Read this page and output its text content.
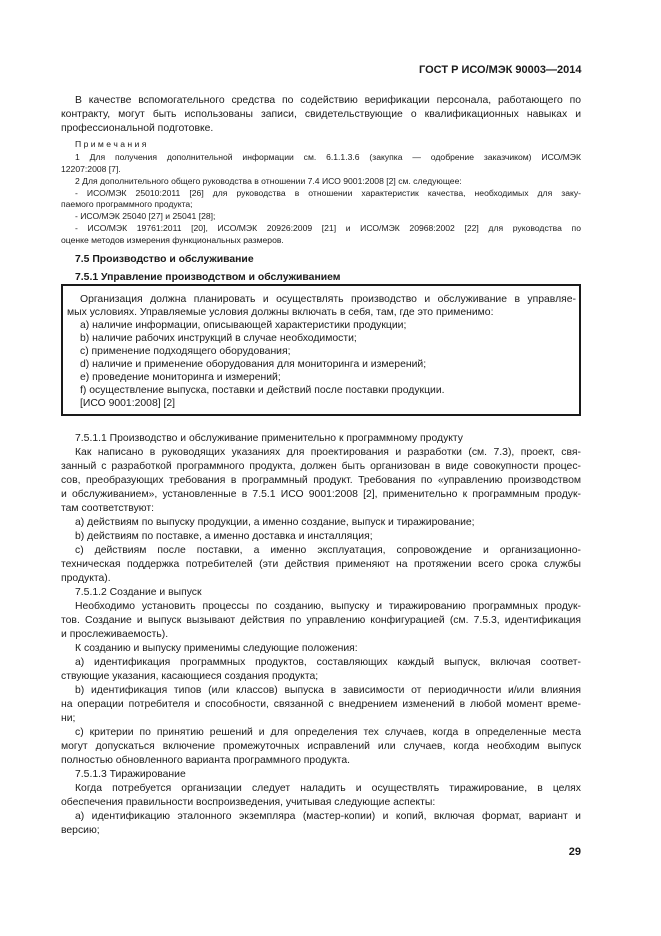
ГОСТ Р ИСО/МЭК 90003—2014
В качестве вспомогательного средства по содействию верификации персонала, работающего по
контракту, могут быть использованы записи, свидетельствующие о квалификационных навыках и
профессиональной подготовке.
П р и м е ч а н и я
1 Для получения дополнительной информации см. 6.1.1.3.6 (закупка — одобрение заказчиком) ИСО/МЭК
12207:2008 [7].
2 Для дополнительного общего руководства в отношении 7.4 ИСО 9001:2008 [2] см. следующее:
- ИСО/МЭК 25010:2011 [26] для руководства в отношении характеристик качества, необходимых для заку-
паемого программного продукта;
- ИСО/МЭК 25040 [27] и 25041 [28];
- ИСО/МЭК 19761:2011 [20], ИСО/МЭК 20926:2009 [21] и ИСО/МЭК 20968:2002 [22] для руководства по
оценке методов измерения функциональных размеров.
7.5 Производство и обслуживание
7.5.1 Управление производством и обслуживанием
Организация должна планировать и осуществлять производство и обслуживание в управляе-
мых условиях. Управляемые условия должны включать в себя, там, где это применимо:
a) наличие информации, описывающей характеристики продукции;
b) наличие рабочих инструкций в случае необходимости;
c) применение подходящего оборудования;
d) наличие и применение оборудования для мониторинга и измерений;
e) проведение мониторинга и измерений;
f) осуществление выпуска, поставки и действий после поставки продукции.
[ИСО 9001:2008] [2]
7.5.1.1 Производство и обслуживание применительно к программному продукту
Как написано в руководящих указаниях для проектирования и разработки (см. 7.3), проект, свя-
занный с разработкой программного продукта, должен быть организован в виде совокупности процес-
сов, преобразующих требования в программный продукт. Требования по «управлению производством
и обслуживанием», установленные в 7.5.1 ИСО 9001:2008 [2], применительно к программным продук-
там соответствуют:
a) действиям по выпуску продукции, а именно создание, выпуск и тиражирование;
b) действиям по поставке, а именно доставка и инсталляция;
c) действиям после поставки, а именно эксплуатация, сопровождение и организационно-
техническая поддержка потребителей (эти действия применяют на протяжении всего срока службы
продукта).
7.5.1.2 Создание и выпуск
Необходимо установить процессы по созданию, выпуску и тиражированию программных продук-
тов. Создание и выпуск вызывают действия по управлению конфигурацией (см. 7.5.3, идентификация
и прослеживаемость).
К созданию и выпуску применимы следующие положения:
a) идентификация программных продуктов, составляющих каждый выпуск, включая соответ-
ствующие указания, касающиеся создания продукта;
b) идентификация типов (или классов) выпуска в зависимости от периодичности и/или влияния
на операции потребителя и способности, связанной с внедрением изменений в любой момент време-
ни;
c) критерии по принятию решений и для определения тех случаев, когда в определенные места
могут допускаться включение промежуточных исправлений или случаев, когда необходим выпуск
полностью обновленного варианта программного продукта.
7.5.1.3 Тиражирование
Когда потребуется организации следует наладить и осуществлять тиражирование, в целях
обеспечения правильности воспроизведения, учитывая следующие аспекты:
a) идентификацию эталонного экземпляра (мастер-копии) и копий, включая формат, вариант и
версию;
29
